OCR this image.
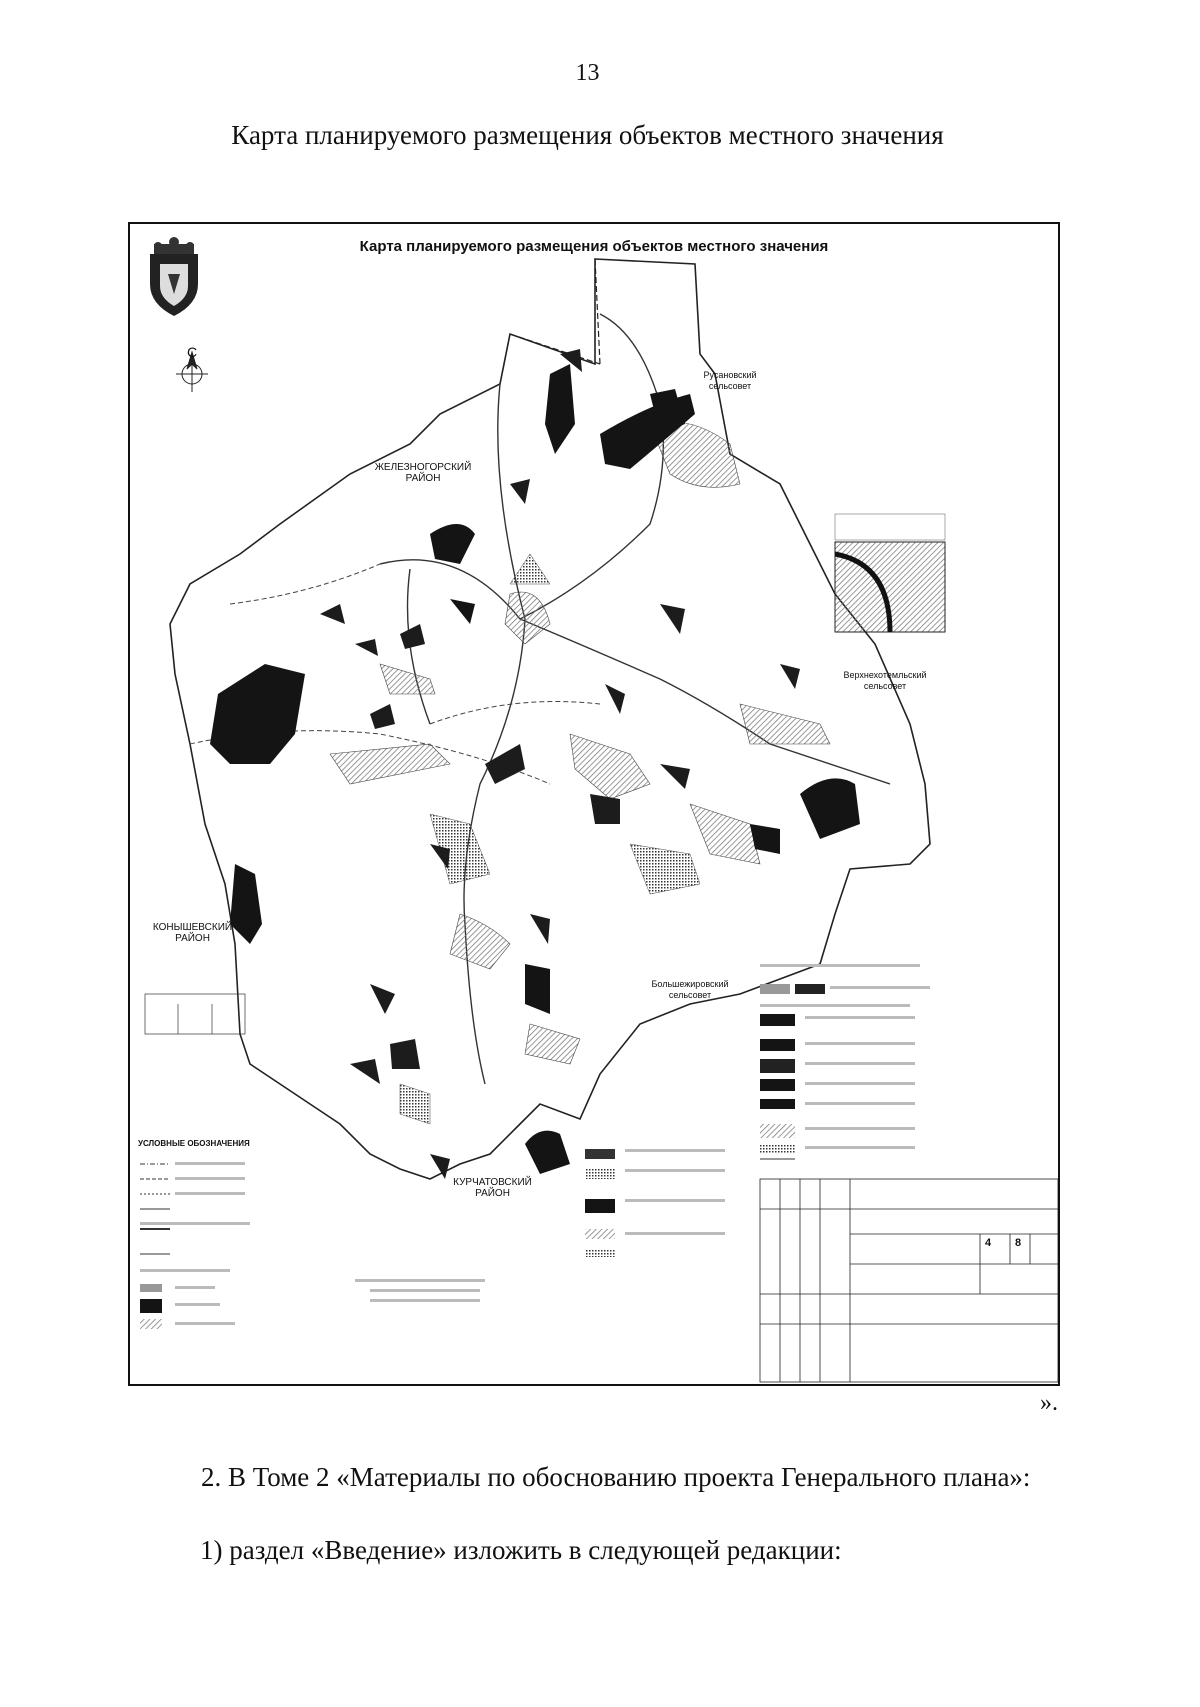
13
Карта планируемого размещения объектов местного значения
Карта планируемого размещения объектов местного значения
С
Русановский сельсовет
ЖЕЛЕЗНОГОРСКИЙ РАЙОН
Верхнехотемльский сельсовет
КОНЫШЕВСКИЙ РАЙОН
Большежировский сельсовет
КУРЧАТОВСКИЙ РАЙОН
УСЛОВНЫЕ ОБОЗНАЧЕНИЯ
4 8
».
2. В Томе 2 «Материалы по обоснованию проекта Генерального плана»:
1) раздел «Введение» изложить в следующей редакции:
